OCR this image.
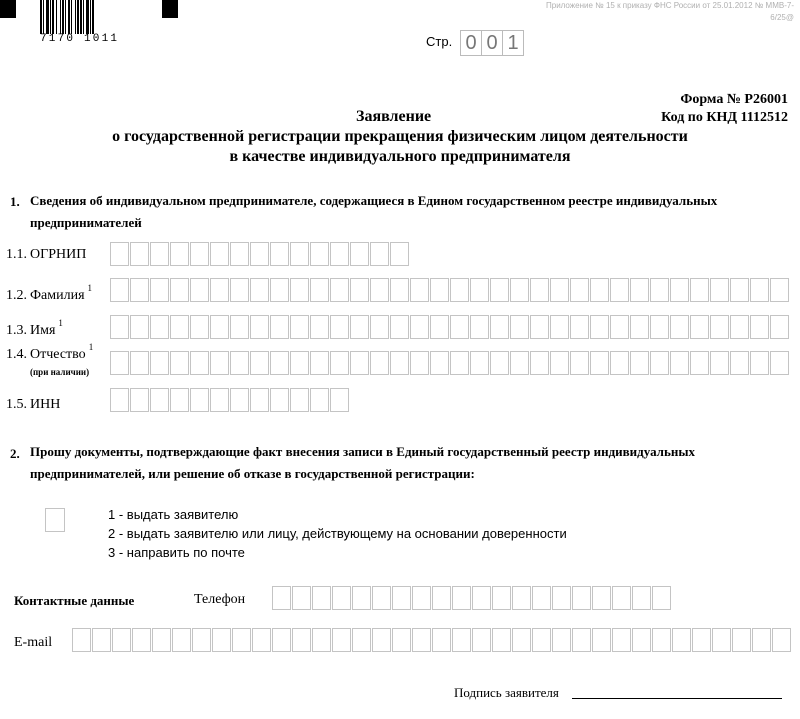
7170 1011
Приложение № 15 к приказу ФНС России от 25.01.2012 № ММВ-7-
6/25@
Стр. 0 0 1
Форма № Р26001
Заявление	Код по КНД 1112512
о государственной регистрации прекращения физическим лицом деятельности
в качестве индивидуального предпринимателя
1. Сведения об индивидуальном предпринимателе, содержащиеся в Едином государственном реестре индивидуальных предпринимателей
1.1. ОГРНИП
1.2. Фамилия $^1$
1.3. Имя $^1$
1.4. Отчество $^1$
(при наличии)
1.5. ИНН
2. Прошу документы, подтверждающие факт внесения записи в Единый государственный реестр индивидуальных предпринимателей, или решение об отказе в государственной регистрации:
1 - выдать заявителю
2 - выдать заявителю или лицу, действующему на основании доверенности
3 - направить по почте
Контактные данные	Телефон
E-mail
Подпись заявителя
